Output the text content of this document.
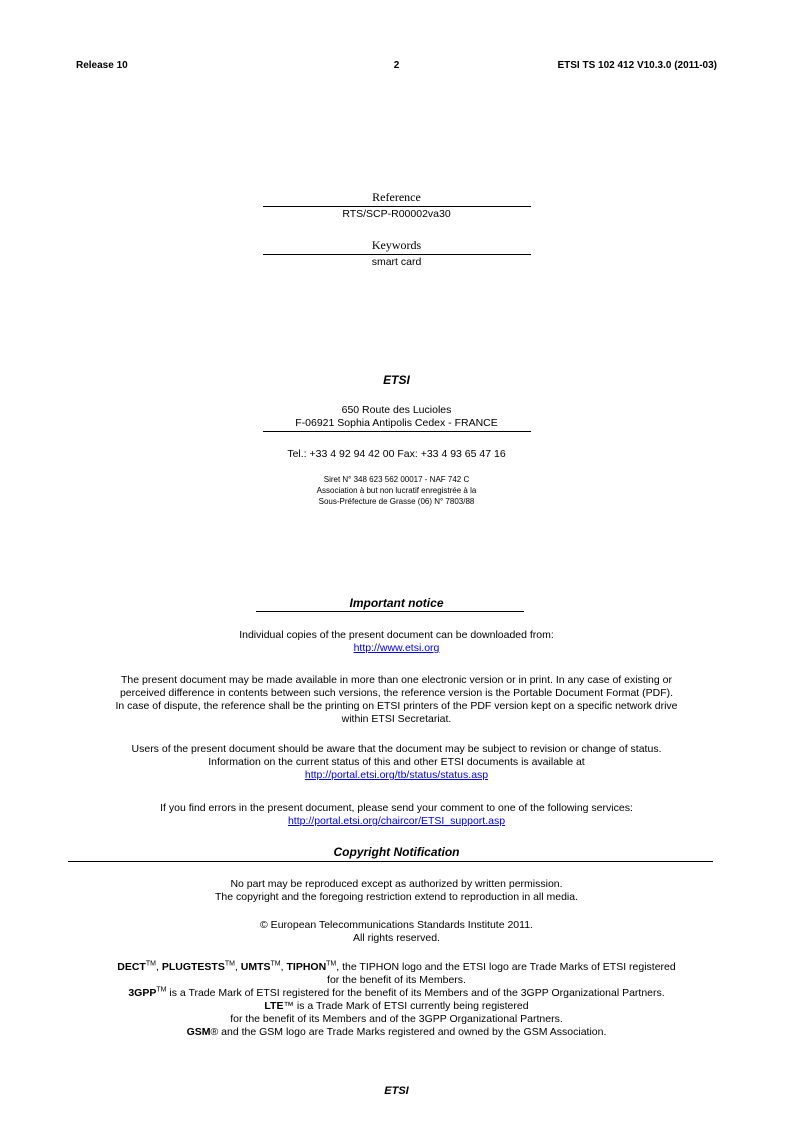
Release 10	2	ETSI TS 102 412 V10.3.0 (2011-03)
Reference
RTS/SCP-R00002va30
Keywords
smart card
ETSI
650 Route des Lucioles
F-06921 Sophia Antipolis Cedex - FRANCE
Tel.: +33 4 92 94 42 00 Fax: +33 4 93 65 47 16
Siret N° 348 623 562 00017 - NAF 742 C
Association à but non lucratif enregistrée à la
Sous-Préfecture de Grasse (06) N° 7803/88
Important notice
Individual copies of the present document can be downloaded from:
http://www.etsi.org
The present document may be made available in more than one electronic version or in print. In any case of existing or
perceived difference in contents between such versions, the reference version is the Portable Document Format (PDF).
In case of dispute, the reference shall be the printing on ETSI printers of the PDF version kept on a specific network drive
within ETSI Secretariat.
Users of the present document should be aware that the document may be subject to revision or change of status.
Information on the current status of this and other ETSI documents is available at
http://portal.etsi.org/tb/status/status.asp
If you find errors in the present document, please send your comment to one of the following services:
http://portal.etsi.org/chaircor/ETSI_support.asp
Copyright Notification
No part may be reproduced except as authorized by written permission.
The copyright and the foregoing restriction extend to reproduction in all media.
© European Telecommunications Standards Institute 2011.
All rights reserved.
DECT™, PLUGTESTS™, UMTS™, TIPHON™, the TIPHON logo and the ETSI logo are Trade Marks of ETSI registered
for the benefit of its Members.
3GPP™ is a Trade Mark of ETSI registered for the benefit of its Members and of the 3GPP Organizational Partners.
LTE™ is a Trade Mark of ETSI currently being registered
for the benefit of its Members and of the 3GPP Organizational Partners.
GSM® and the GSM logo are Trade Marks registered and owned by the GSM Association.
ETSI
